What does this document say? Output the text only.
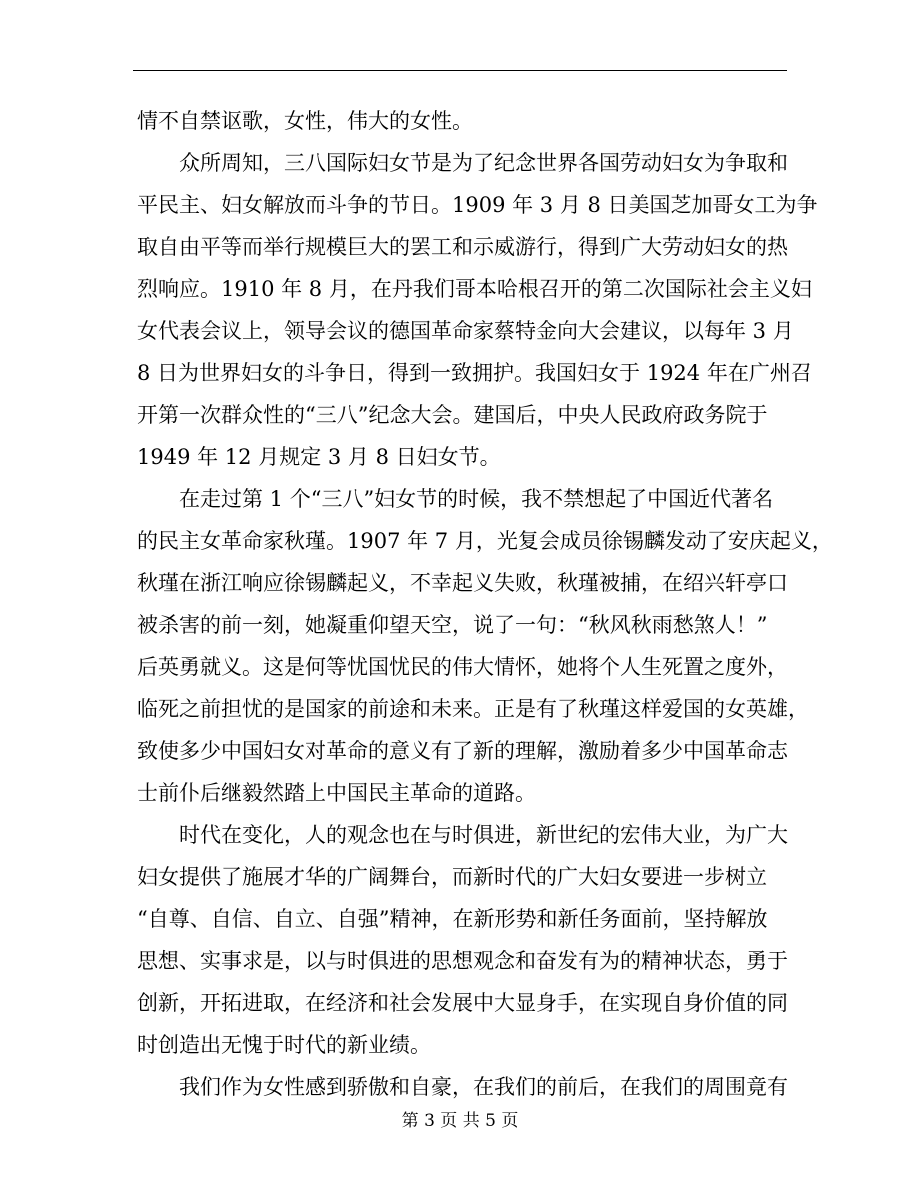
情不自禁讴歌，女性，伟大的女性。
众所周知，三八国际妇女节是为了纪念世界各国劳动妇女为争取和
平民主、妇女解放而斗争的节日。1909 年 3 月 8 日美国芝加哥女工为争
取自由平等而举行规模巨大的罢工和示威游行，得到广大劳动妇女的热
烈响应。1910 年 8 月，在丹我们哥本哈根召开的第二次国际社会主义妇
女代表会议上，领导会议的德国革命家蔡特金向大会建议，以每年 3 月
8 日为世界妇女的斗争日，得到一致拥护。我国妇女于 1924 年在广州召
开第一次群众性的“三八”纪念大会。建国后，中央人民政府政务院于
1949 年 12 月规定 3 月 8 日妇女节。
在走过第 1 个“三八”妇女节的时候，我不禁想起了中国近代著名
的民主女革命家秋瑾。1907 年 7 月，光复会成员徐锡麟发动了安庆起义，
秋瑾在浙江响应徐锡麟起义，不幸起义失败，秋瑾被捕，在绍兴轩亭口
被杀害的前一刻，她凝重仰望天空，说了一句：“秋风秋雨愁煞人！”
后英勇就义。这是何等忧国忧民的伟大情怀，她将个人生死置之度外，
临死之前担忧的是国家的前途和未来。正是有了秋瑾这样爱国的女英雄，
致使多少中国妇女对革命的意义有了新的理解，激励着多少中国革命志
士前仆后继毅然踏上中国民主革命的道路。
时代在变化，人的观念也在与时俱进，新世纪的宏伟大业，为广大
妇女提供了施展才华的广阔舞台，而新时代的广大妇女要进一步树立
“自尊、自信、自立、自强”精神，在新形势和新任务面前，坚持解放
思想、实事求是，以与时俱进的思想观念和奋发有为的精神状态，勇于
创新，开拓进取，在经济和社会发展中大显身手，在实现自身价值的同
时创造出无愧于时代的新业绩。
我们作为女性感到骄傲和自豪，在我们的前后，在我们的周围竟有
第 3 页 共 5 页
